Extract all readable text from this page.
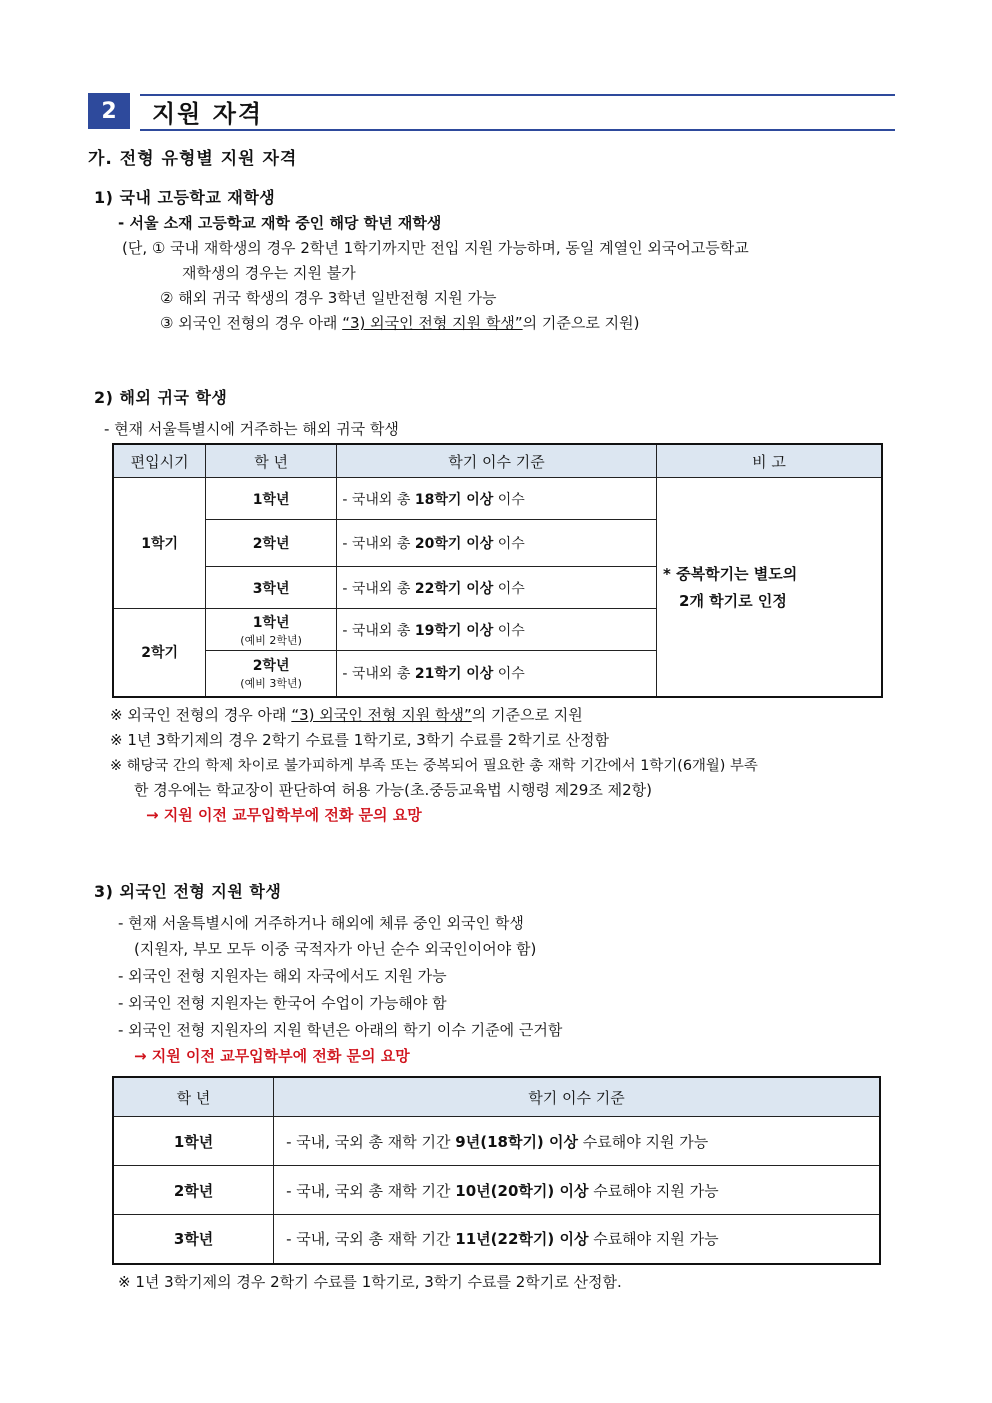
2	지원 자격
가. 전형 유형별 지원 자격
1) 국내 고등학교 재학생
- 서울 소재 고등학교 재학 중인 해당 학년 재학생
(단, ① 국내 재학생의 경우 2학년 1학기까지만 전입 지원 가능하며, 동일 계열인 외국어고등학교
재학생의 경우는 지원 불가
② 해외 귀국 학생의 경우 3학년 일반전형 지원 가능
③ 외국인 전형의 경우 아래 “3) 외국인 전형 지원 학생”의 기준으로 지원)
2) 해외 귀국 학생
- 현재 서울특별시에 거주하는 해외 귀국 학생
편입시기	학 년	학기 이수 기준	비 고
1학기	1학년	- 국내외 총 18학기 이상 이수	* 중복학기는 별도의
2개 학기로 인정

	2학년	- 국내외 총 20학기 이상 이수	
	3학년	- 국내외 총 22학기 이상 이수	
2학기	1학년
(예비 2학년)	- 국내외 총 19학기 이상 이수	
	2학년
(예비 3학년)	- 국내외 총 21학기 이상 이수	
※ 외국인 전형의 경우 아래 “3) 외국인 전형 지원 학생”의 기준으로 지원
※ 1년 3학기제의 경우 2학기 수료를 1학기로, 3학기 수료를 2학기로 산정함
※ 해당국 간의 학제 차이로 불가피하게 부족 또는 중복되어 필요한 총 재학 기간에서 1학기(6개월) 부족
한 경우에는 학교장이 판단하여 허용 가능(초.중등교육법 시행령 제29조 제2항)
→ 지원 이전 교무입학부에 전화 문의 요망
3) 외국인 전형 지원 학생
- 현재 서울특별시에 거주하거나 해외에 체류 중인 외국인 학생
(지원자, 부모 모두 이중 국적자가 아닌 순수 외국인이어야 함)
- 외국인 전형 지원자는 해외 자국에서도 지원 가능
- 외국인 전형 지원자는 한국어 수업이 가능해야 함
- 외국인 전형 지원자의 지원 학년은 아래의 학기 이수 기준에 근거함
→ 지원 이전 교무입학부에 전화 문의 요망
학 년	학기 이수 기준
1학년	- 국내, 국외 총 재학 기간 9년(18학기) 이상 수료해야 지원 가능
2학년	- 국내, 국외 총 재학 기간 10년(20학기) 이상 수료해야 지원 가능
3학년	- 국내, 국외 총 재학 기간 11년(22학기) 이상 수료해야 지원 가능
※ 1년 3학기제의 경우 2학기 수료를 1학기로, 3학기 수료를 2학기로 산정함.
